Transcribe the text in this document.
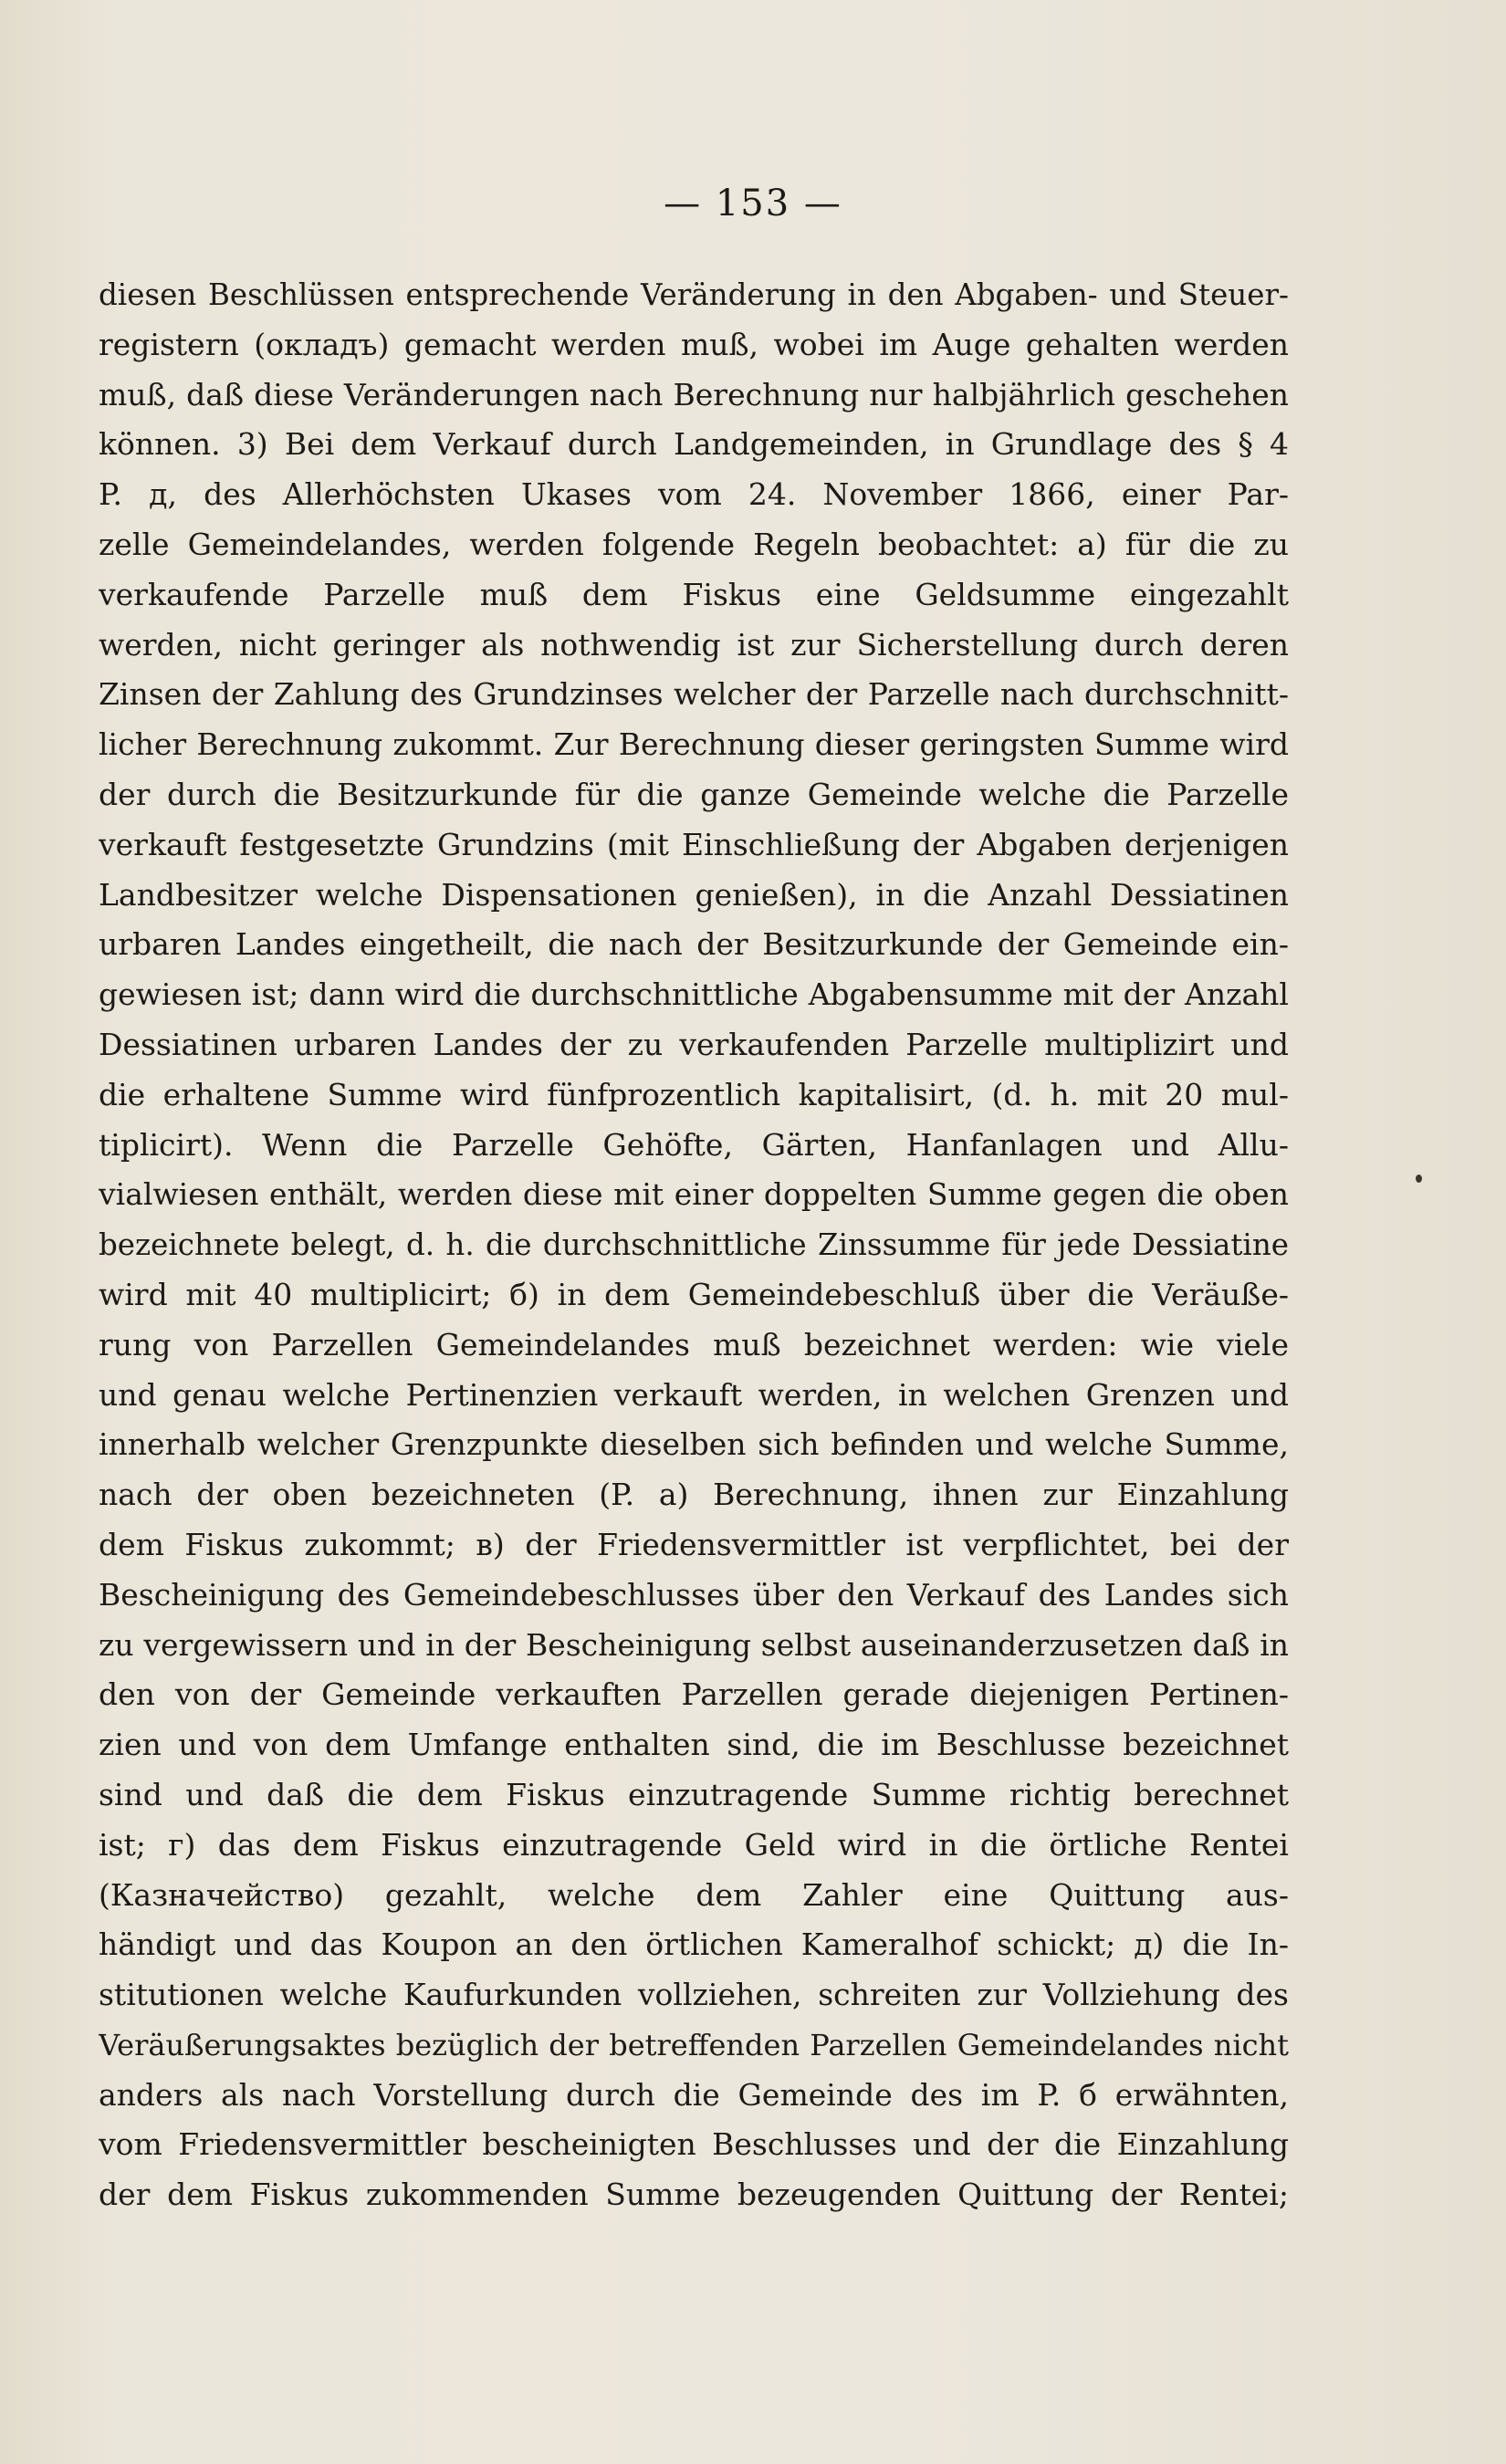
— 153 —
diesen Beschlüssen entsprechende Veränderung in den Abgaben- und Steuer-
registern (окладъ) gemacht werden muß, wobei im Auge gehalten werden
muß, daß diese Veränderungen nach Berechnung nur halbjährlich geschehen
können. 3) Bei dem Verkauf durch Landgemeinden, in Grundlage des § 4
P. д, des Allerhöchsten Ukases vom 24. November 1866, einer Par-
zelle Gemeindelandes, werden folgende Regeln beobachtet: a) für die zu
verkaufende Parzelle muß dem Fiskus eine Geldsumme eingezahlt
werden, nicht geringer als nothwendig ist zur Sicherstellung durch deren
Zinsen der Zahlung des Grundzinses welcher der Parzelle nach durchschnitt-
licher Berechnung zukommt. Zur Berechnung dieser geringsten Summe wird
der durch die Besitzurkunde für die ganze Gemeinde welche die Parzelle
verkauft festgesetzte Grundzins (mit Einschließung der Abgaben derjenigen
Landbesitzer welche Dispensationen genießen), in die Anzahl Dessiatinen
urbaren Landes eingetheilt, die nach der Besitzurkunde der Gemeinde ein-
gewiesen ist; dann wird die durchschnittliche Abgabensumme mit der Anzahl
Dessiatinen urbaren Landes der zu verkaufenden Parzelle multiplizirt und
die erhaltene Summe wird fünfprozentlich kapitalisirt, (d. h. mit 20 mul-
tiplicirt). Wenn die Parzelle Gehöfte, Gärten, Hanfanlagen und Allu-
vialwiesen enthält, werden diese mit einer doppelten Summe gegen die oben
bezeichnete belegt, d. h. die durchschnittliche Zinssumme für jede Dessiatine
wird mit 40 multiplicirt; б) in dem Gemeindebeschluß über die Veräuße-
rung von Parzellen Gemeindelandes muß bezeichnet werden: wie viele
und genau welche Pertinenzien verkauft werden, in welchen Grenzen und
innerhalb welcher Grenzpunkte dieselben sich befinden und welche Summe,
nach der oben bezeichneten (P. a) Berechnung, ihnen zur Einzahlung
dem Fiskus zukommt; в) der Friedensvermittler ist verpflichtet, bei der
Bescheinigung des Gemeindebeschlusses über den Verkauf des Landes sich
zu vergewissern und in der Bescheinigung selbst auseinanderzusetzen daß in
den von der Gemeinde verkauften Parzellen gerade diejenigen Pertinen-
zien und von dem Umfange enthalten sind, die im Beschlusse bezeichnet
sind und daß die dem Fiskus einzutragende Summe richtig berechnet
ist; г) das dem Fiskus einzutragende Geld wird in die örtliche Rentei
(Казначейство) gezahlt, welche dem Zahler eine Quittung aus-
händigt und das Koupon an den örtlichen Kameralhof schickt; д) die In-
stitutionen welche Kaufurkunden vollziehen, schreiten zur Vollziehung des
Veräußerungsaktes bezüglich der betreffenden Parzellen Gemeindelandes nicht
anders als nach Vorstellung durch die Gemeinde des im P. б erwähnten,
vom Friedensvermittler bescheinigten Beschlusses und der die Einzahlung
der dem Fiskus zukommenden Summe bezeugenden Quittung der Rentei;
